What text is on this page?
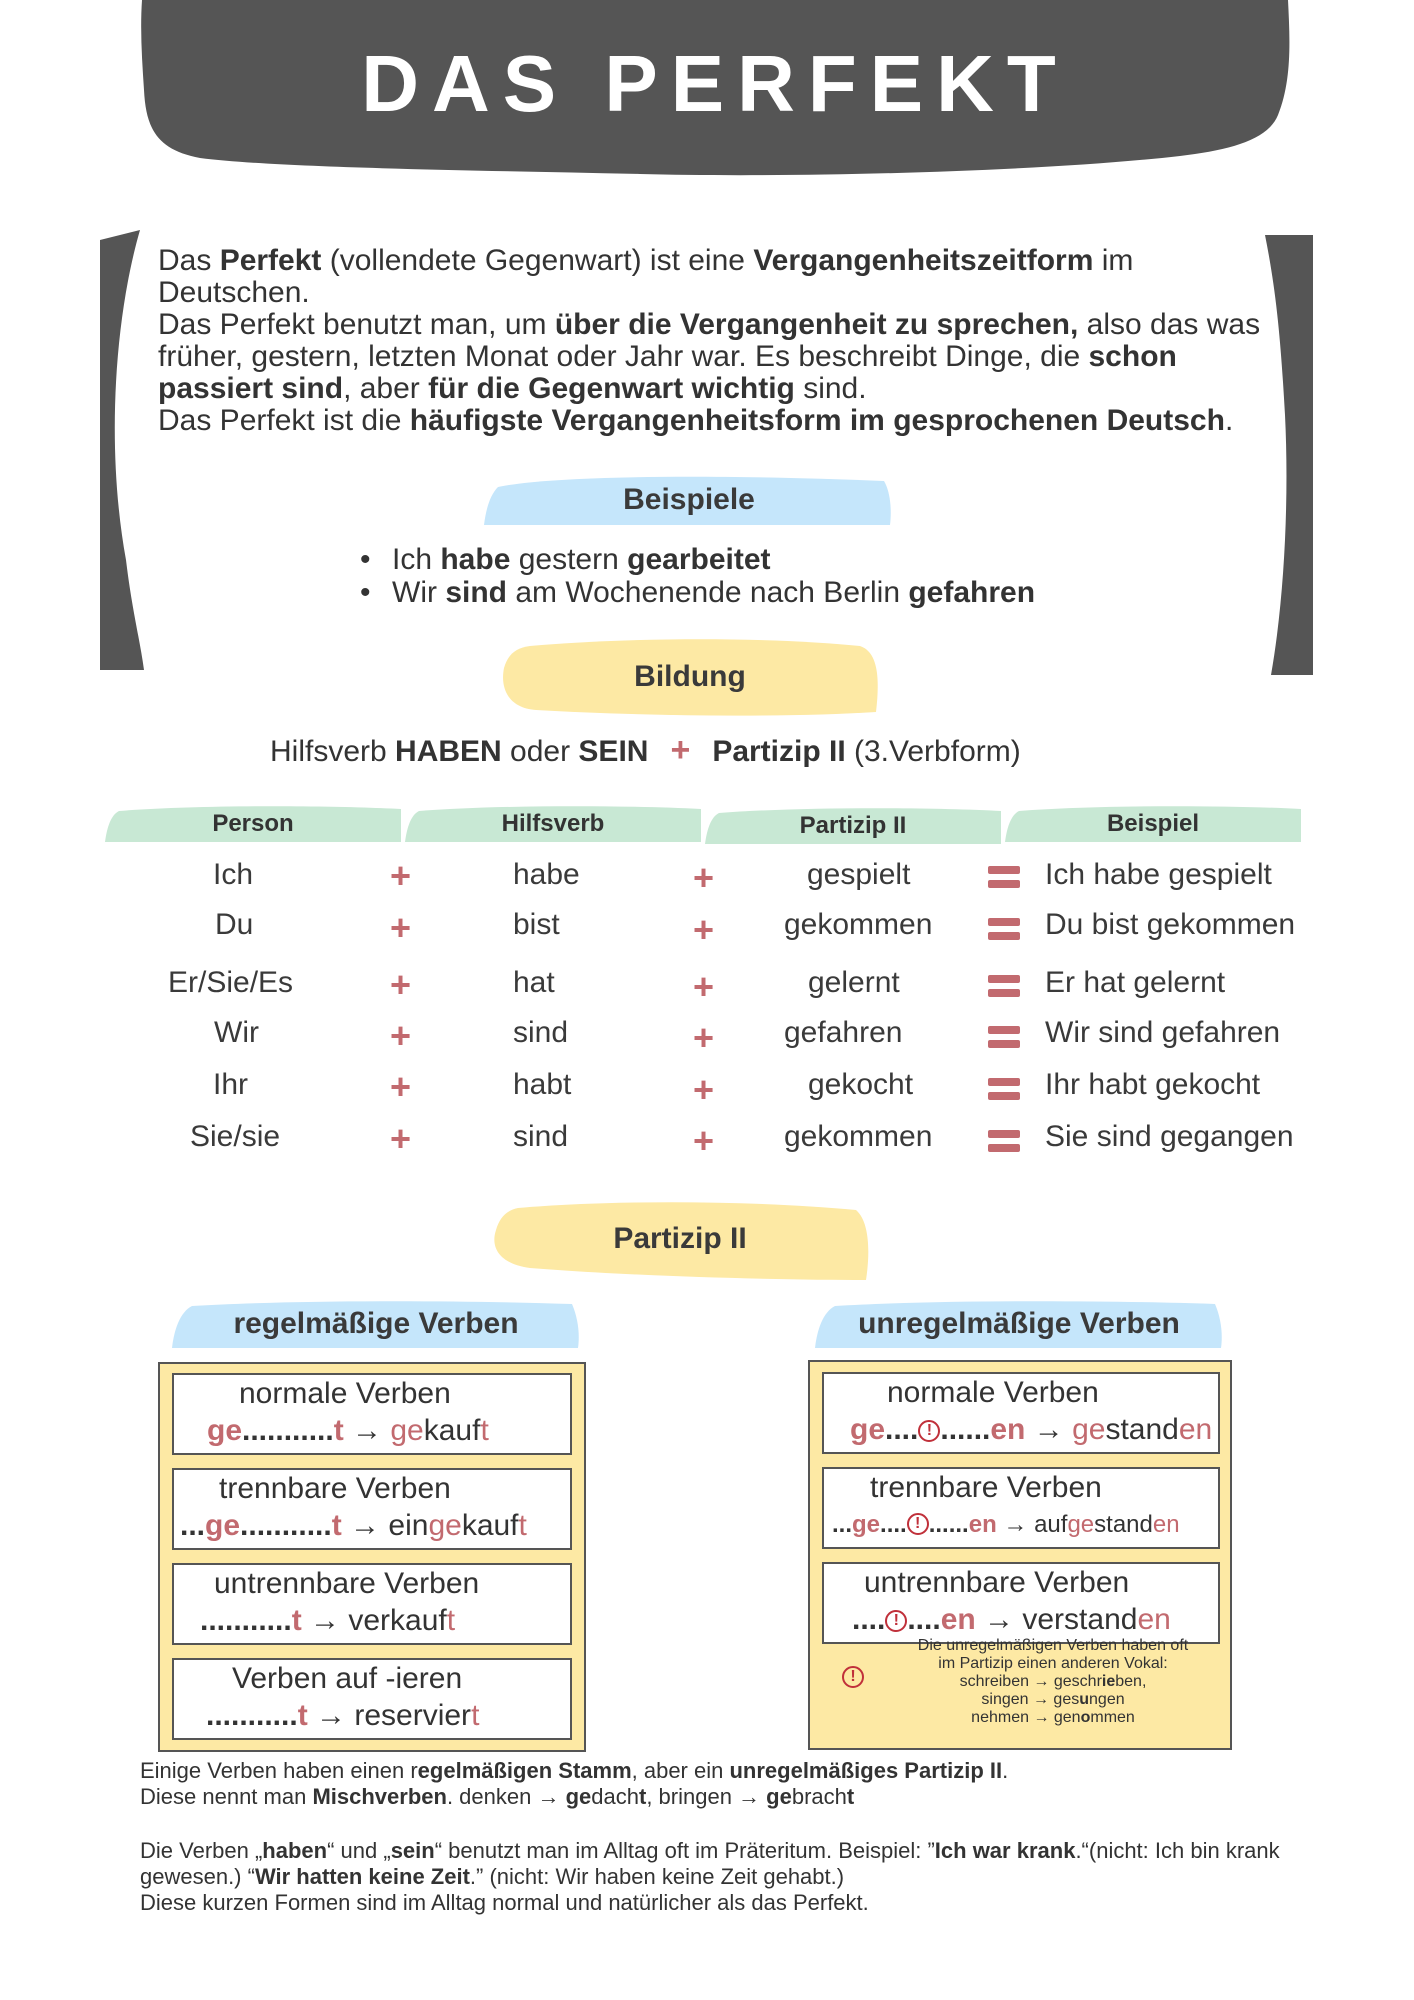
DAS PERFEKT

Das Perfekt (vollendete Gegenwart) ist eine Vergangenheitszeitform im Deutschen.

Das Perfekt benutzt man, um über die Vergangenheit zu sprechen, also das was früher, gestern, letzten Monat oder Jahr war. Es beschreibt Dinge, die schon passiert sind, aber für die Gegenwart wichtig sind.

Das Perfekt ist die häufigste Vergangenheitsform im gesprochenen Deutsch.

Beispiele
• Ich habe gestern gearbeitet
• Wir sind am Wochenende nach Berlin gefahren
Bildung
Hilfsverb HABEN oder SEIN + Partizip II (3.Verbform)
Person	Hilfsverb	Partizip II	Beispiel
Ich	+	habe	+	gespielt	Ich habe gespielt
Du	+	bist	+ gekommen	Du bist gekommen
Er/Sie/Es	+	hat	+	gelernt	Er hat gelernt
Wir	+	sind	+ gefahren	Wir sind gefahren
Ihr	+	habt	+	gekocht	Ihr habt gekocht
Sie/sie	+	sind	+ gekommen	Sie sind gegangen
Partizip II
regelmäßige Verben
normale Verben
ge...........t → gekauft
trennbare Verben
...ge...........t → eingekauft
untrennbare Verben
...........t → verkauft
Verben auf -ieren
...........t → reserviert
unregelmäßige Verben
normale Verben
ge.... ! ......en → gestanden
trennbare Verben
...ge.... ! ......en → aufgestanden
untrennbare Verben
.... ! ....en → verstanden
!
Die unregelmäßigen Verben haben oft
im Partizip einen anderen Vokal:
schreiben → geschrieben,
singen → gesungen
nehmen → genommen
Einige Verben haben einen regelmäßigen Stamm, aber ein unregelmäßiges Partizip II.
Diese nennt man Mischverben. denken → gedacht, bringen → gebracht
Die Verben „haben“ und „sein“ benutzt man im Alltag oft im Präteritum. Beispiel: ”Ich war krank.“(nicht: Ich bin krank gewesen.) “Wir hatten keine Zeit.” (nicht: Wir haben keine Zeit gehabt.)
Diese kurzen Formen sind im Alltag normal und natürlicher als das Perfekt.
